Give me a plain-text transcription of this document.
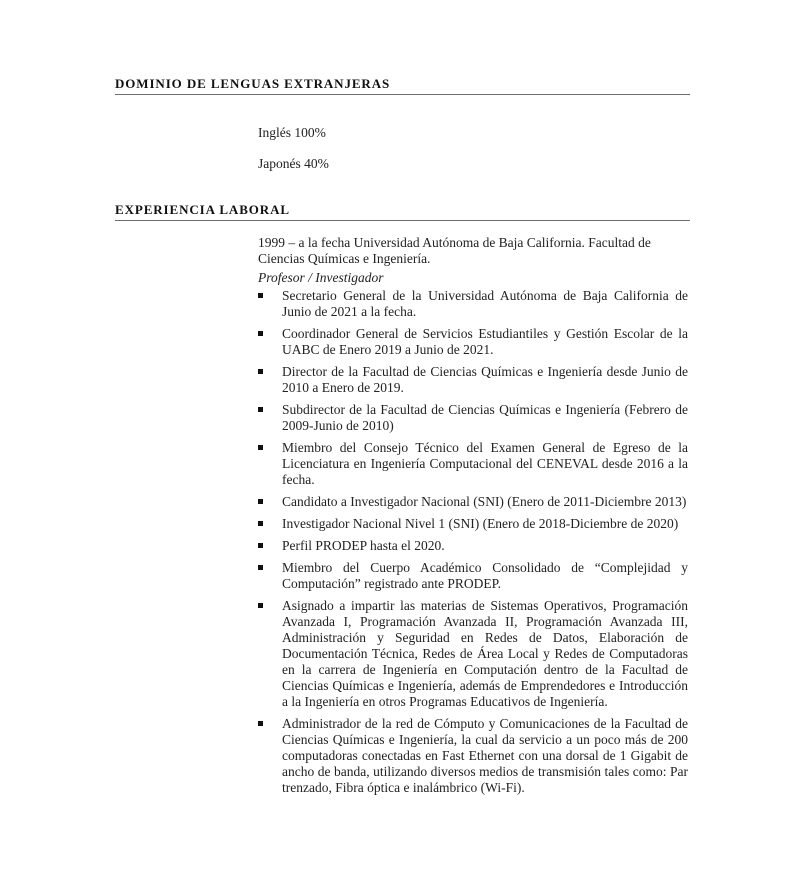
DOMINIO DE LENGUAS EXTRANJERAS
Inglés 100%
Japonés 40%
EXPERIENCIA LABORAL

1999 – a la fecha Universidad Autónoma de Baja California. Facultad de Ciencias Químicas e Ingeniería.

Profesor / Investigador
Secretario General de la Universidad Autónoma de Baja California de Junio de 2021 a la fecha.
Coordinador General de Servicios Estudiantiles y Gestión Escolar de la UABC de Enero 2019 a Junio de 2021.
Director de la Facultad de Ciencias Químicas e Ingeniería desde Junio de 2010 a Enero de 2019.
Subdirector de la Facultad de Ciencias Químicas e Ingeniería (Febrero de 2009-Junio de 2010)
Miembro del Consejo Técnico del Examen General de Egreso de la Licenciatura en Ingeniería Computacional del CENEVAL desde 2016 a la fecha.
Candidato a Investigador Nacional (SNI) (Enero de 2011-Diciembre 2013)
Investigador Nacional Nivel 1 (SNI) (Enero de 2018-Diciembre de 2020)
Perfil PRODEP hasta el 2020.
Miembro del Cuerpo Académico Consolidado de “Complejidad y Computación” registrado ante PRODEP.
Asignado a impartir las materias de Sistemas Operativos, Programación Avanzada I, Programación Avanzada II, Programación Avanzada III, Administración y Seguridad en Redes de Datos, Elaboración de Documentación Técnica, Redes de Área Local y Redes de Computadoras en la carrera de Ingeniería en Computación dentro de la Facultad de Ciencias Químicas e Ingeniería, además de Emprendedores e Introducción a la Ingeniería en otros Programas Educativos de Ingeniería.
Administrador de la red de Cómputo y Comunicaciones de la Facultad de Ciencias Químicas e Ingeniería, la cual da servicio a un poco más de 200 computadoras conectadas en Fast Ethernet con una dorsal de 1 Gigabit de ancho de banda, utilizando diversos medios de transmisión tales como: Par trenzado, Fibra óptica e inalámbrico (Wi-Fi).
